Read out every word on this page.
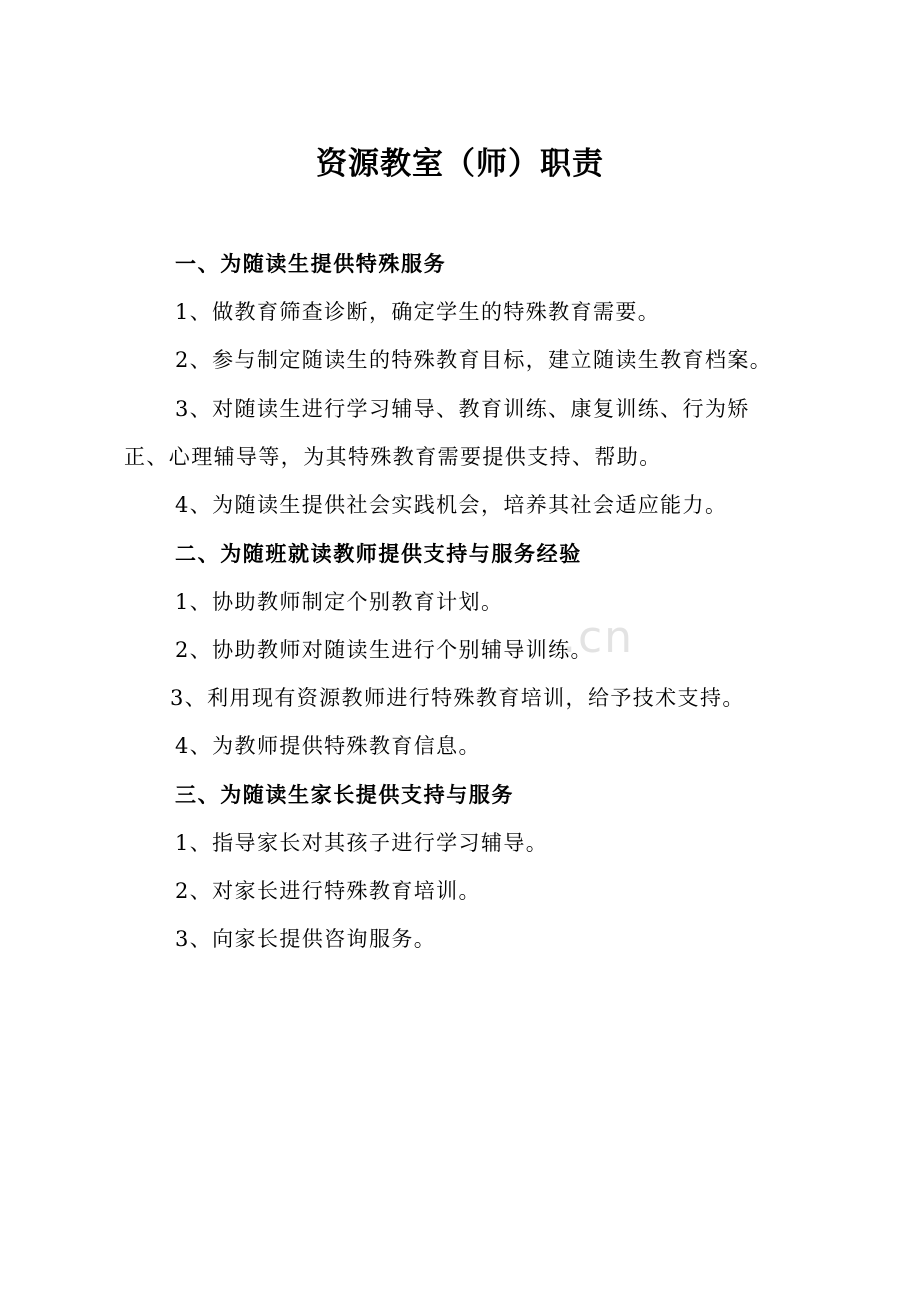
.cn
资源教室（师）职责
一、为随读生提供特殊服务
1、做教育筛查诊断，确定学生的特殊教育需要。
2、参与制定随读生的特殊教育目标，建立随读生教育档案。
3、对随读生进行学习辅导、教育训练、康复训练、行为矫
正、心理辅导等，为其特殊教育需要提供支持、帮助。
4、为随读生提供社会实践机会，培养其社会适应能力。
二、为随班就读教师提供支持与服务经验
1、协助教师制定个别教育计划。
2、协助教师对随读生进行个别辅导训练。
3、利用现有资源教师进行特殊教育培训，给予技术支持。
4、为教师提供特殊教育信息。
三、为随读生家长提供支持与服务
1、指导家长对其孩子进行学习辅导。
2、对家长进行特殊教育培训。
3、向家长提供咨询服务。
